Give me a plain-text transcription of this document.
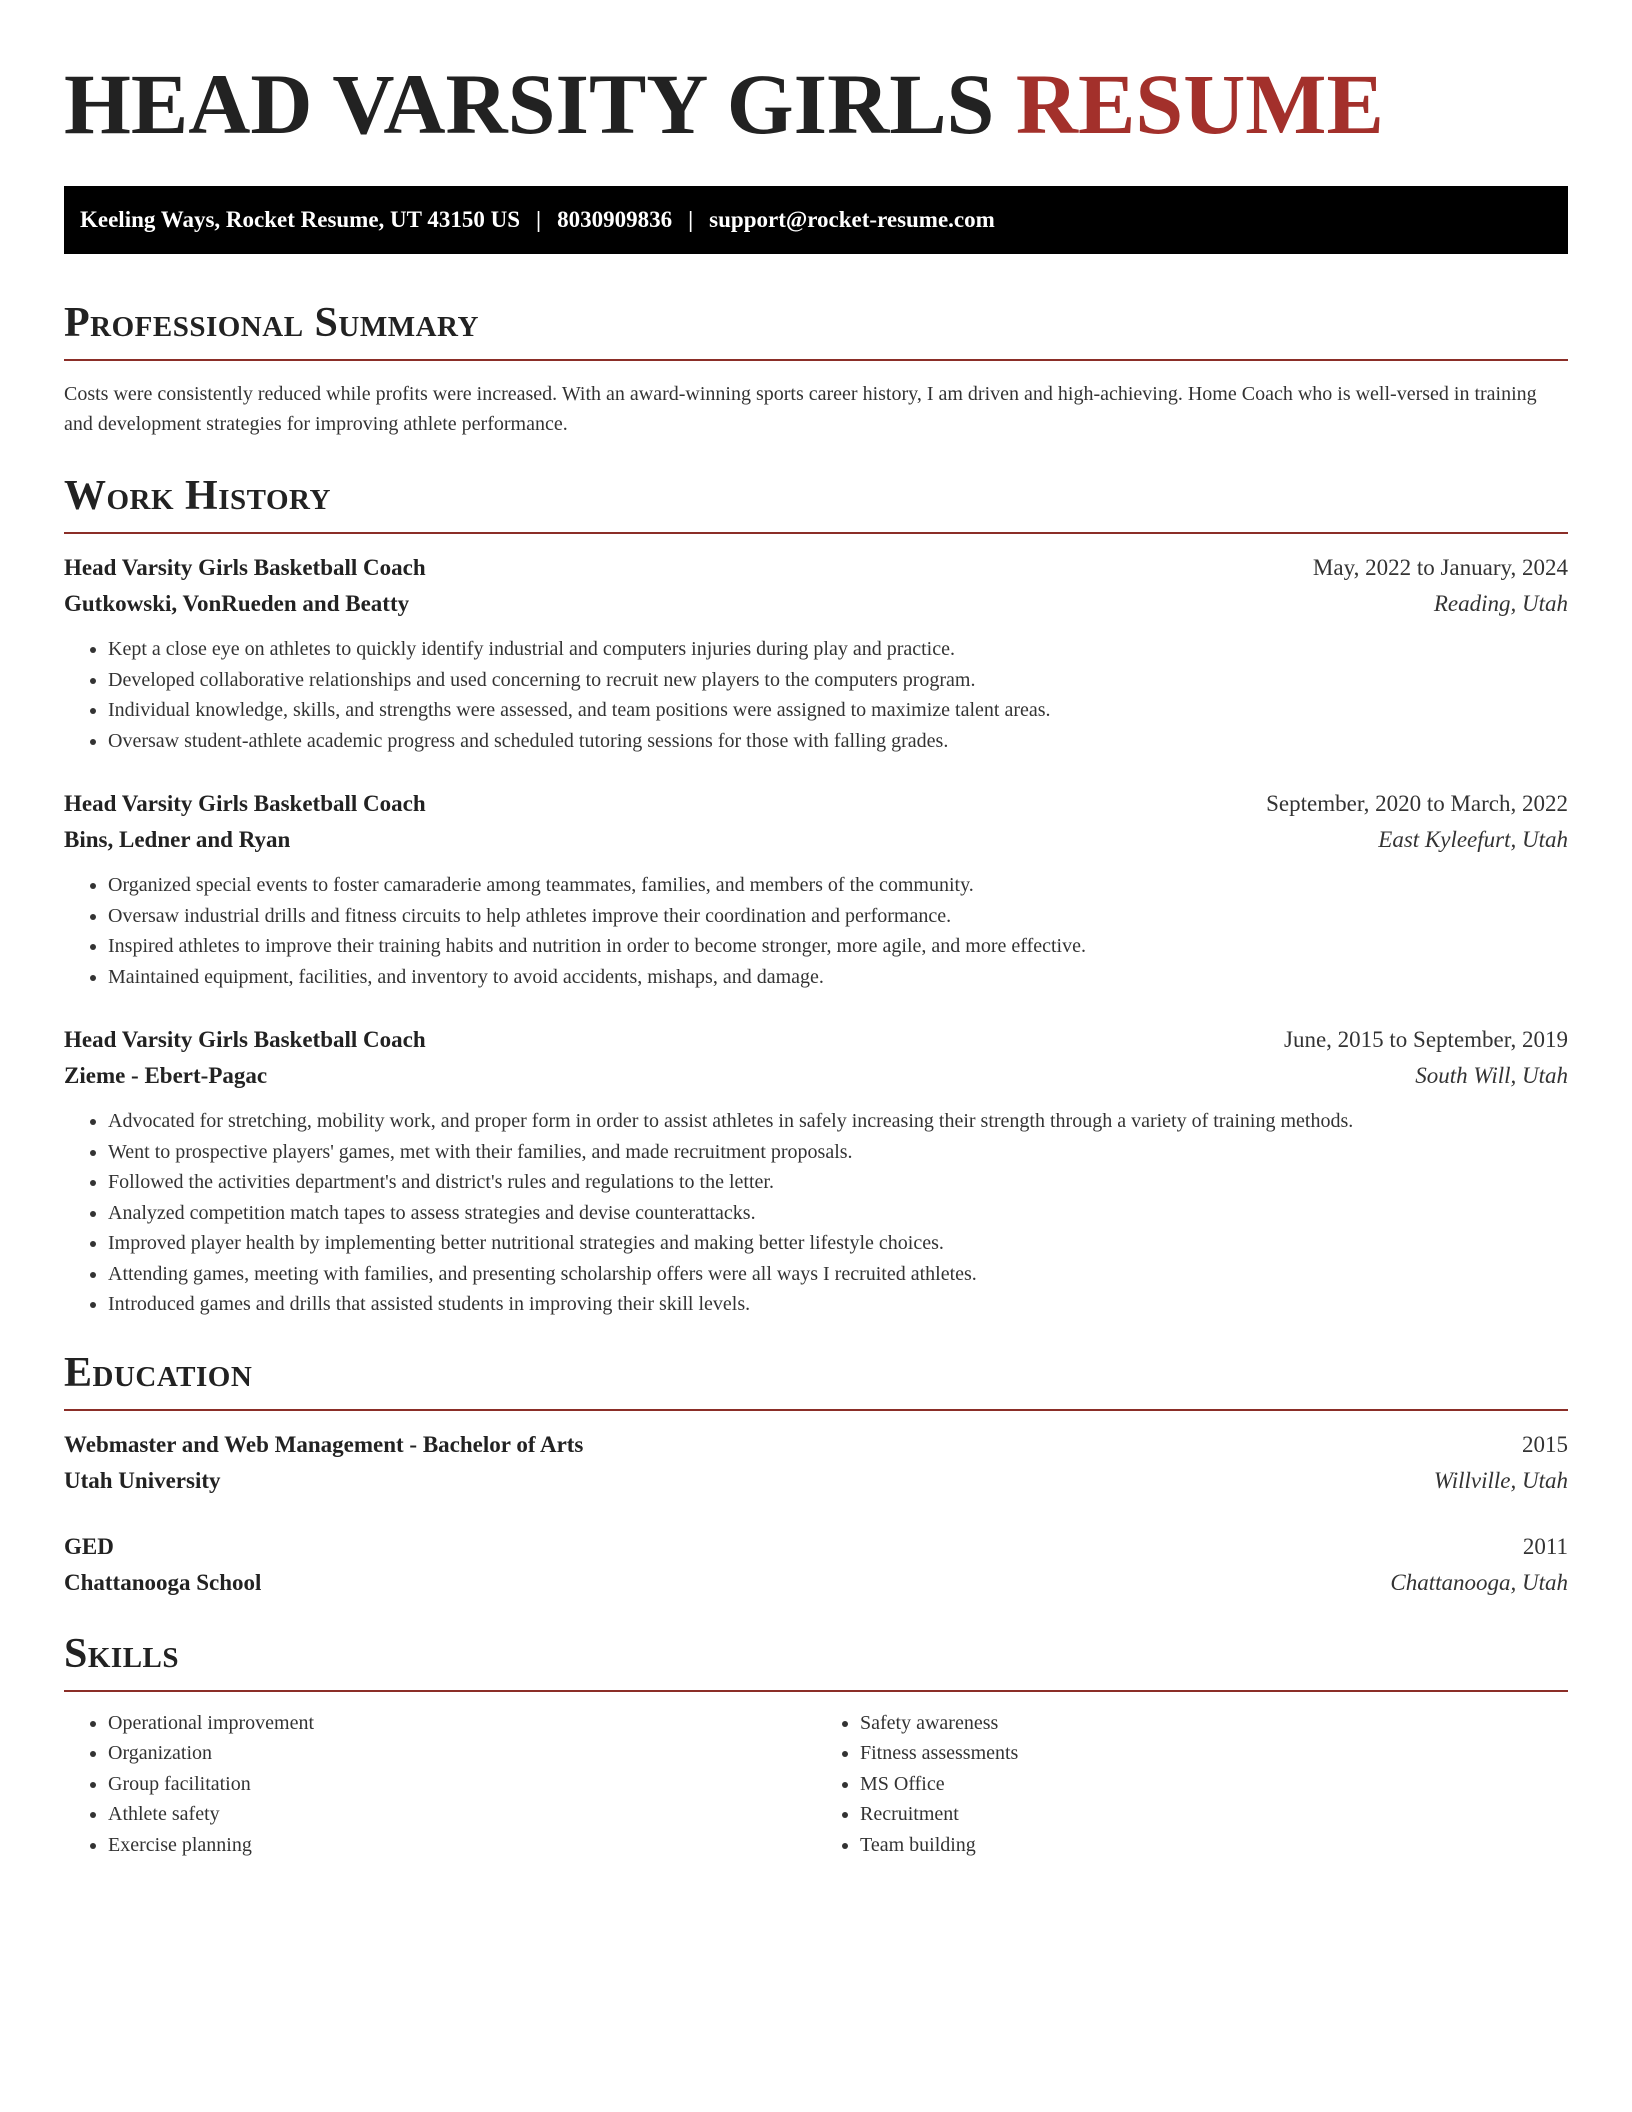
HEAD VARSITY GIRLS RESUME
Keeling Ways, Rocket Resume, UT 43150 US | 8030909836 | support@rocket-resume.com
Professional Summary

Costs were consistently reduced while profits were increased. With an award-winning sports career history, I am driven and high-achieving. Home Coach who is well-versed in training and development strategies for improving athlete performance.

Work History
Head Varsity Girls Basketball Coach	May, 2022 to January, 2024
Gutkowski, VonRueden and Beatty	Reading, Utah
• Kept a close eye on athletes to quickly identify industrial and computers injuries during play and practice.
• Developed collaborative relationships and used concerning to recruit new players to the computers program.
• Individual knowledge, skills, and strengths were assessed, and team positions were assigned to maximize talent areas.
• Oversaw student-athlete academic progress and scheduled tutoring sessions for those with falling grades.
Head Varsity Girls Basketball Coach	September, 2020 to March, 2022
Bins, Ledner and Ryan	East Kyleefurt, Utah
• Organized special events to foster camaraderie among teammates, families, and members of the community.
• Oversaw industrial drills and fitness circuits to help athletes improve their coordination and performance.
• Inspired athletes to improve their training habits and nutrition in order to become stronger, more agile, and more effective.
• Maintained equipment, facilities, and inventory to avoid accidents, mishaps, and damage.
Head Varsity Girls Basketball Coach	June, 2015 to September, 2019
Zieme - Ebert-Pagac	South Will, Utah
• Advocated for stretching, mobility work, and proper form in order to assist athletes in safely increasing their strength through a variety of training methods.
• Went to prospective players' games, met with their families, and made recruitment proposals.
• Followed the activities department's and district's rules and regulations to the letter.
• Analyzed competition match tapes to assess strategies and devise counterattacks.
• Improved player health by implementing better nutritional strategies and making better lifestyle choices.
• Attending games, meeting with families, and presenting scholarship offers were all ways I recruited athletes.
• Introduced games and drills that assisted students in improving their skill levels.
Education
Webmaster and Web Management - Bachelor of Arts	2015
Utah University	Willville, Utah
GED	2011
Chattanooga School	Chattanooga, Utah
Skills
• Operational improvement
• Organization
• Group facilitation
• Athlete safety
• Exercise planning
• Safety awareness
• Fitness assessments
• MS Office
• Recruitment
• Team building
